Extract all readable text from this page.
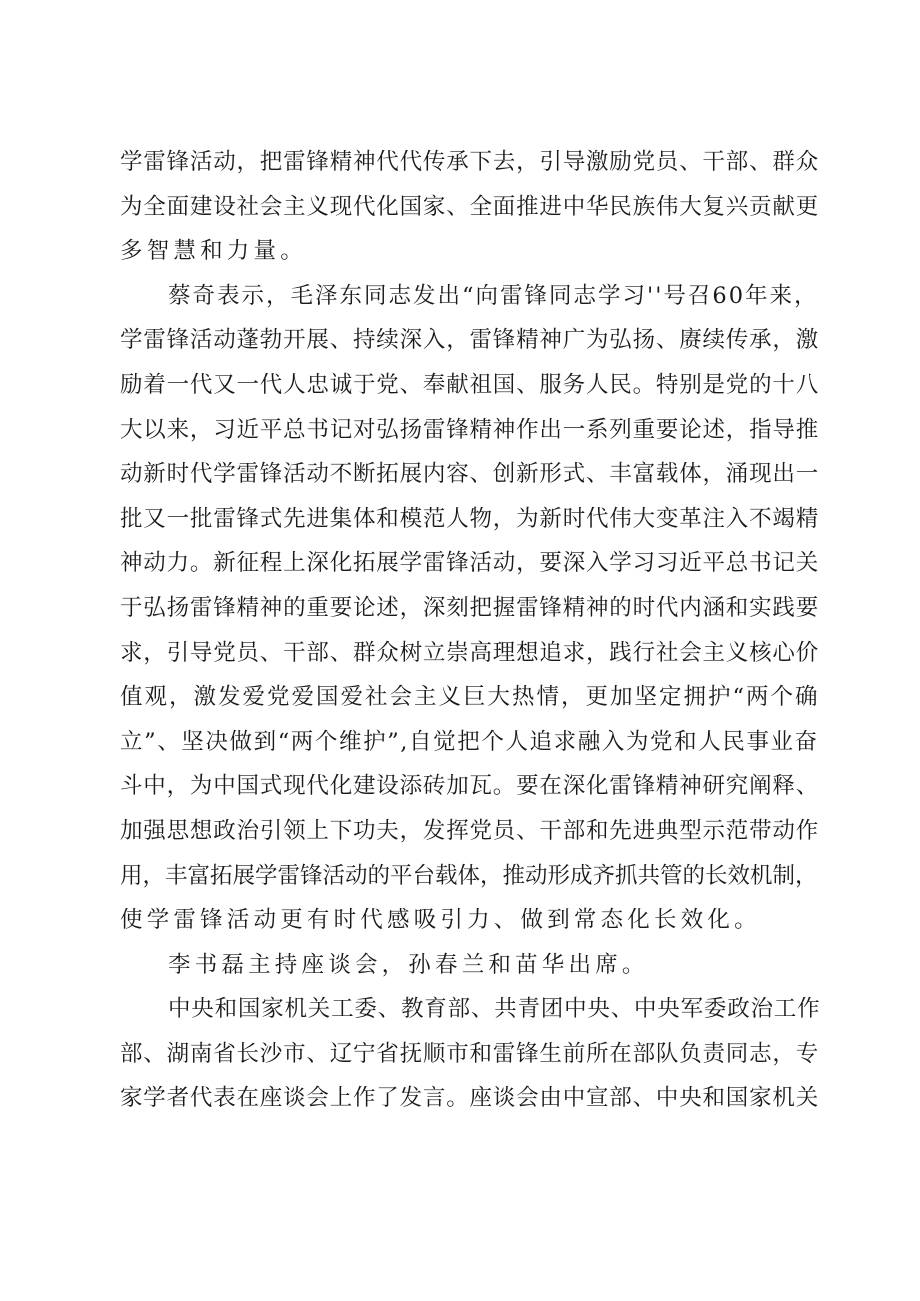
学雷锋活动，把雷锋精神代代传承下去，引导激励党员、干部、群众
为全面建设社会主义现代化国家、全面推进中华民族伟大复兴贡献更
多智慧和力量。
蔡奇表示，毛泽东同志发出“向雷锋同志学习''号召60年来，
学雷锋活动蓬勃开展、持续深入，雷锋精神广为弘扬、赓续传承，激
励着一代又一代人忠诚于党、奉献祖国、服务人民。特别是党的十八
大以来，习近平总书记对弘扬雷锋精神作出一系列重要论述，指导推
动新时代学雷锋活动不断拓展内容、创新形式、丰富载体，涌现出一
批又一批雷锋式先进集体和模范人物，为新时代伟大变革注入不竭精
神动力。新征程上深化拓展学雷锋活动，要深入学习习近平总书记关
于弘扬雷锋精神的重要论述，深刻把握雷锋精神的时代内涵和实践要
求，引导党员、干部、群众树立崇高理想追求，践行社会主义核心价
值观，激发爱党爱国爱社会主义巨大热情，更加坚定拥护“两个确
立”、坚决做到“两个维护”,自觉把个人追求融入为党和人民事业奋
斗中，为中国式现代化建设添砖加瓦。要在深化雷锋精神研究阐释、
加强思想政治引领上下功夫，发挥党员、干部和先进典型示范带动作
用，丰富拓展学雷锋活动的平台载体，推动形成齐抓共管的长效机制，
使学雷锋活动更有时代感吸引力、做到常态化长效化。
李书磊主持座谈会，孙春兰和苗华出席。
中央和国家机关工委、教育部、共青团中央、中央军委政治工作
部、湖南省长沙市、辽宁省抚顺市和雷锋生前所在部队负责同志，专
家学者代表在座谈会上作了发言。座谈会由中宣部、中央和国家机关
